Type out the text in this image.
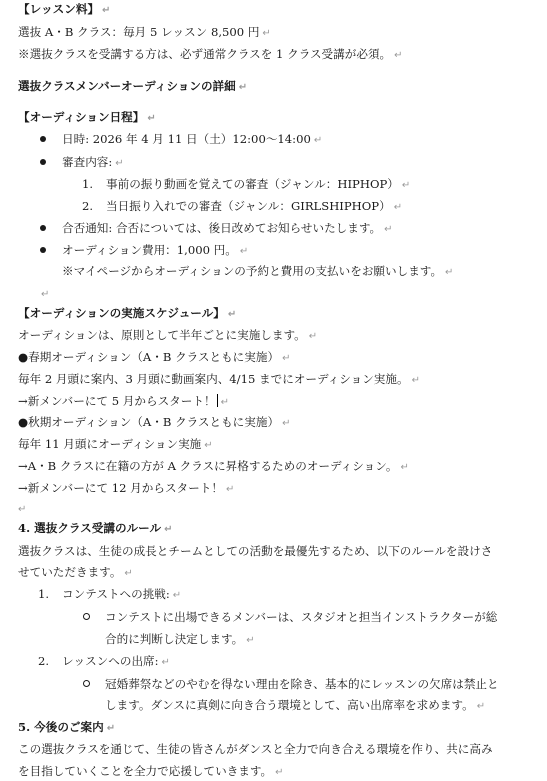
【レッスン料】 ↵
選抜 A・B クラス：毎月 5 レッスン 8,500 円 ↵
※選抜クラスを受講する方は、必ず通常クラスを 1 クラス受講が必須。 ↵
選抜クラスメンバーオーディションの詳細 ↵
【オーディション日程】 ↵
日時: 2026 年 4 月 11 日（土）12:00〜14:00 ↵
審査内容: ↵
1. 事前の振り動画を覚えての審査（ジャンル：HIPHOP） ↵
2. 当日振り入れでの審査（ジャンル：GIRLSHIPHOP） ↵
合否通知: 合否については、後日改めてお知らせいたします。 ↵
オーディション費用：1,000 円。 ↵
※マイページからオーディションの予約と費用の支払いをお願いします。 ↵
↵
【オーディションの実施スケジュール】 ↵
オーディションは、原則として半年ごとに実施します。 ↵
●春期オーディション（A・B クラスともに実施） ↵
毎年 2 月頭に案内、3 月頭に動画案内、4/15 までにオーディション実施。 ↵
→新メンバーにて 5 月からスタート！ ↵
●秋期オーディション（A・B クラスともに実施） ↵
毎年 11 月頭にオーディション実施 ↵
→A・B クラスに在籍の方が A クラスに昇格するためのオーディション。 ↵
→新メンバーにて 12 月からスタート！ ↵
↵
4. 選抜クラス受講のルール ↵
選抜クラスは、生徒の成長とチームとしての活動を最優先するため、以下のルールを設けさ
せていただきます。 ↵
1. コンテストへの挑戦: ↵
コンテストに出場できるメンバーは、スタジオと担当インストラクターが総
合的に判断し決定します。 ↵
2. レッスンへの出席: ↵
冠婚葬祭などのやむを得ない理由を除き、基本的にレッスンの欠席は禁止と
します。ダンスに真剣に向き合う環境として、高い出席率を求めます。 ↵
5. 今後のご案内 ↵
この選抜クラスを通じて、生徒の皆さんがダンスと全力で向き合える環境を作り、共に高み
を目指していくことを全力で応援していきます。 ↵
